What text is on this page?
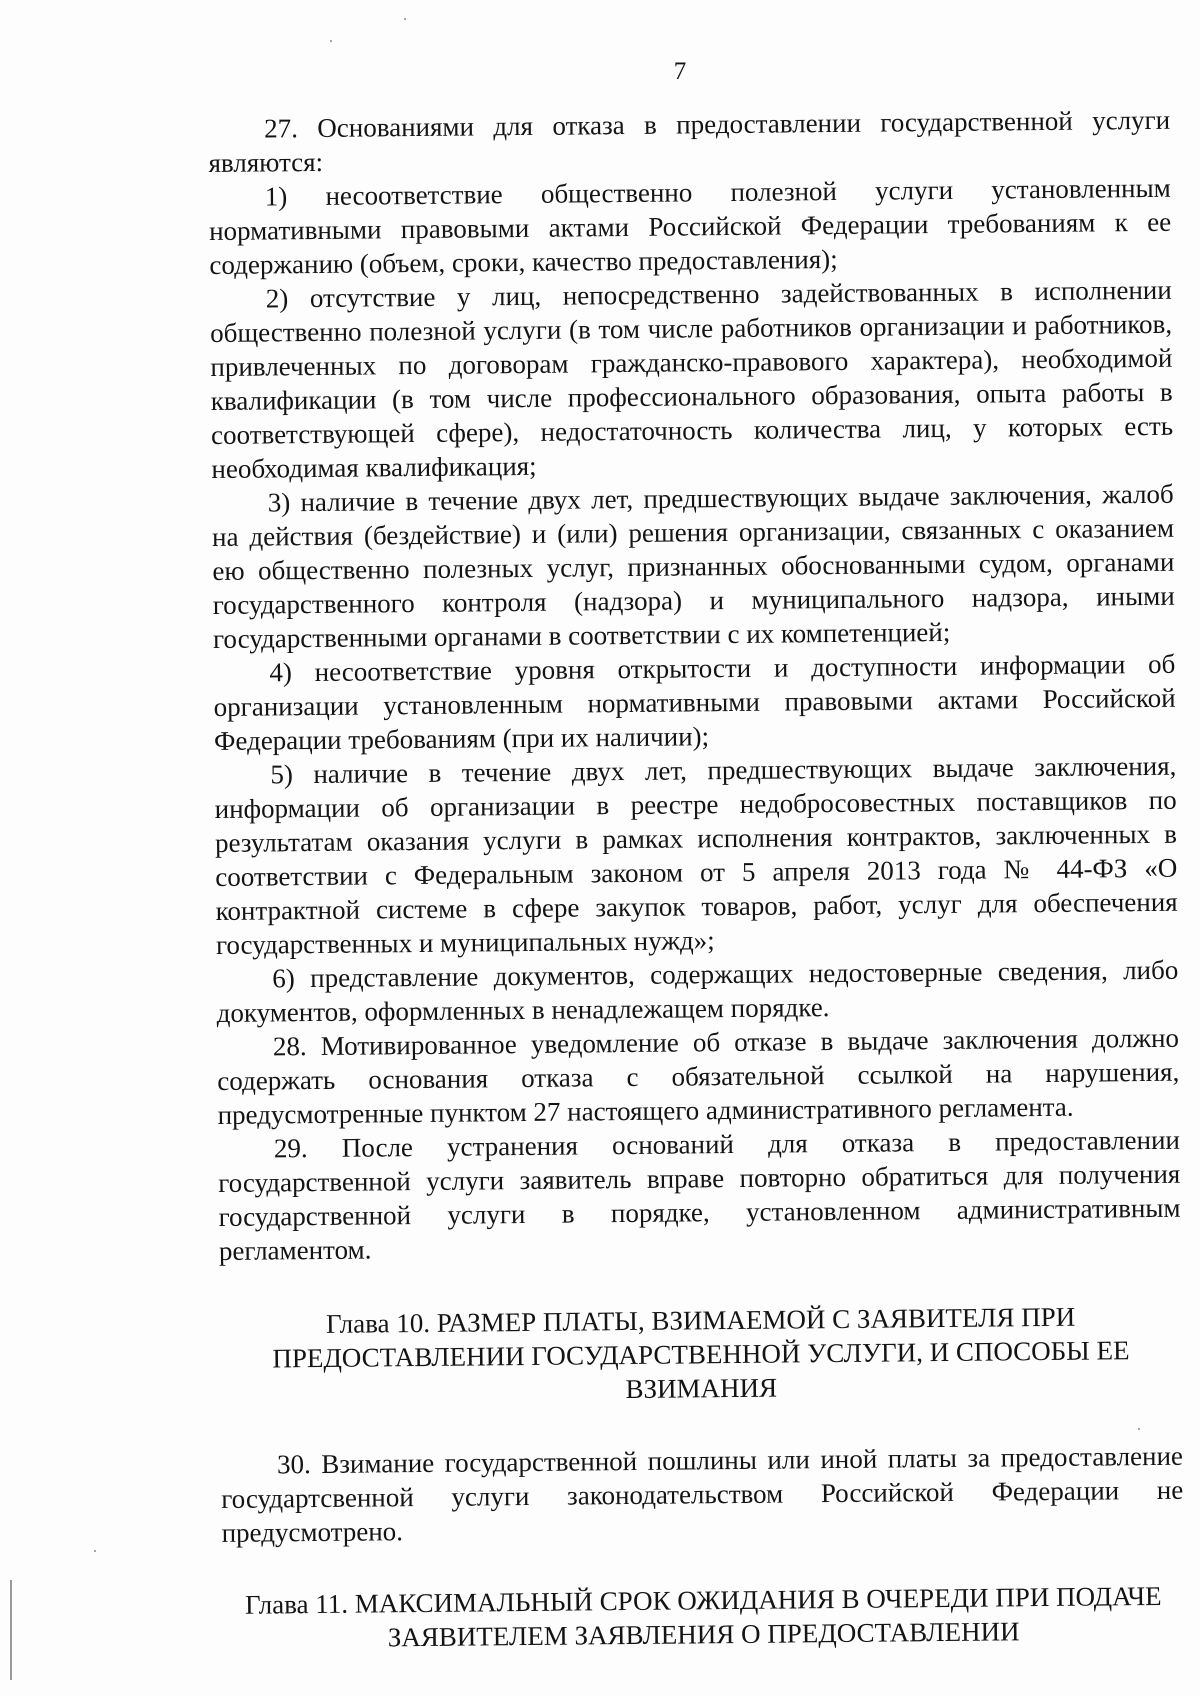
7

27. Основаниями для отказа в предоставлении государственной услуги являются:

1) несоответствие общественно полезной услуги установленным нормативными правовыми актами Российской Федерации требованиям к ее содержанию (объем, сроки, качество предоставления);

2) отсутствие у лиц, непосредственно задействованных в исполнении общественно полезной услуги (в том числе работников организации и работников, привлеченных по договорам гражданско-правового характера), необходимой квалификации (в том числе профессионального образования, опыта работы в соответствующей сфере), недостаточность количества лиц, у которых есть необходимая квалификация;

3) наличие в течение двух лет, предшествующих выдаче заключения, жалоб на действия (бездействие) и (или) решения организации, связанных с оказанием ею общественно полезных услуг, признанных обоснованными судом, органами государственного контроля (надзора) и муниципального надзора, иными государственными органами в соответствии с их компетенцией;

4) несоответствие уровня открытости и доступности информации об организации установленным нормативными правовыми актами Российской Федерации требованиям (при их наличии);

5) наличие в течение двух лет, предшествующих выдаче заключения, информации об организации в реестре недобросовестных поставщиков по результатам оказания услуги в рамках исполнения контрактов, заключенных в соответствии с Федеральным законом от 5 апреля 2013 года № 44-ФЗ «О контрактной системе в сфере закупок товаров, работ, услуг для обеспечения государственных и муниципальных нужд»;

6) представление документов, содержащих недостоверные сведения, либо документов, оформленных в ненадлежащем порядке.

28. Мотивированное уведомление об отказе в выдаче заключения должно содержать основания отказа с обязательной ссылкой на нарушения, предусмотренные пунктом 27 настоящего административного регламента.

29. После устранения оснований для отказа в предоставлении государственной услуги заявитель вправе повторно обратиться для получения государственной услуги в порядке, установленном административным регламентом.

Глава 10. РАЗМЕР ПЛАТЫ, ВЗИМАЕМОЙ С ЗАЯВИТЕЛЯ ПРИ ПРЕДОСТАВЛЕНИИ ГОСУДАРСТВЕННОЙ УСЛУГИ, И СПОСОБЫ ЕЕ ВЗИМАНИЯ

30. Взимание государственной пошлины или иной платы за предоставление государтсвенной услуги законодательством Российской Федерации не предусмотрено.

Глава 11. МАКСИМАЛЬНЫЙ СРОК ОЖИДАНИЯ В ОЧЕРЕДИ ПРИ ПОДАЧЕ ЗАЯВИТЕЛЕМ ЗАЯВЛЕНИЯ О ПРЕДОСТАВЛЕНИИ
